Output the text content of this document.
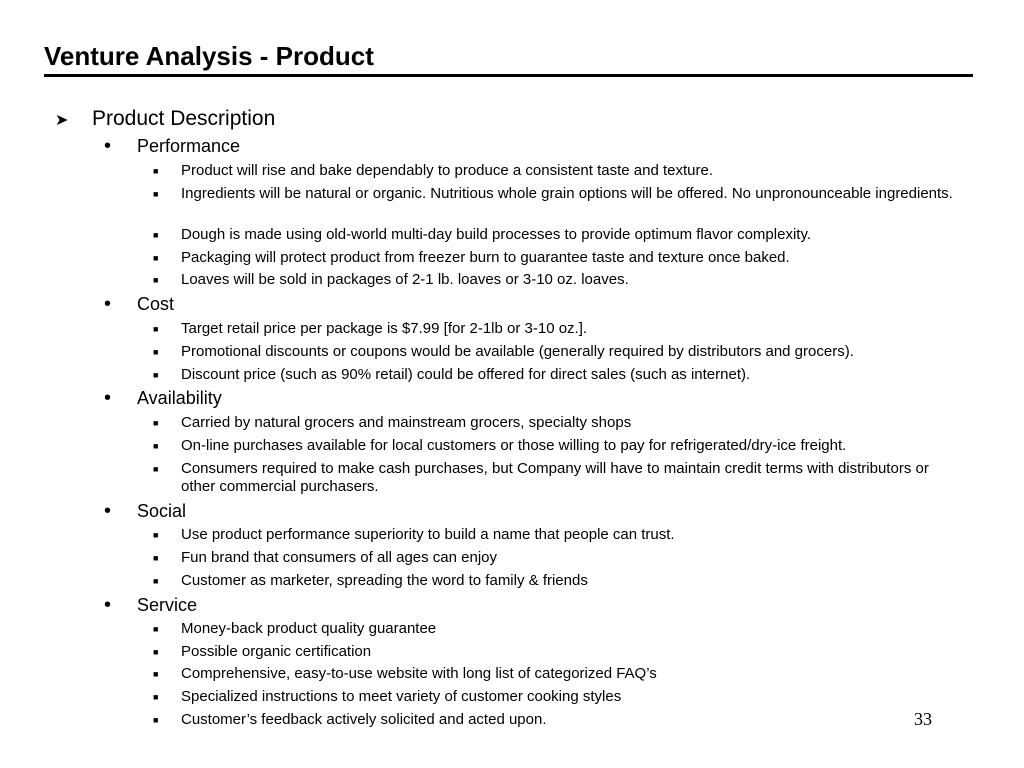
Venture Analysis - Product
➤ Product Description
• Performance
■ Product will rise and bake dependably to produce a consistent taste and texture.
■ Ingredients will be natural or organic. Nutritious whole grain options will be offered. No unpronounceable ingredients.
■ Dough is made using old-world multi-day build processes to provide optimum flavor complexity.
■ Packaging will protect product from freezer burn to guarantee taste and texture once baked.
■ Loaves will be sold in packages of 2-1 lb. loaves or 3-10 oz. loaves.
• Cost
■ Target retail price per package is $7.99 [for 2-1lb or 3-10 oz.].
■ Promotional discounts or coupons would be available (generally required by distributors and grocers).
■ Discount price (such as 90% retail) could be offered for direct sales (such as internet).
• Availability
■ Carried by natural grocers and mainstream grocers, specialty shops
■ On-line purchases available for local customers or those willing to pay for refrigerated/dry-ice freight.
■ Consumers required to make cash purchases, but Company will have to maintain credit terms with distributors or other commercial purchasers.
• Social
■ Use product performance superiority to build a name that people can trust.
■ Fun brand that consumers of all ages can enjoy
■ Customer as marketer, spreading the word to family & friends
• Service
■ Money-back product quality guarantee
■ Possible organic certification
■ Comprehensive, easy-to-use website with long list of categorized FAQ’s
■ Specialized instructions to meet variety of customer cooking styles
■ Customer’s feedback actively solicited and acted upon.	33
